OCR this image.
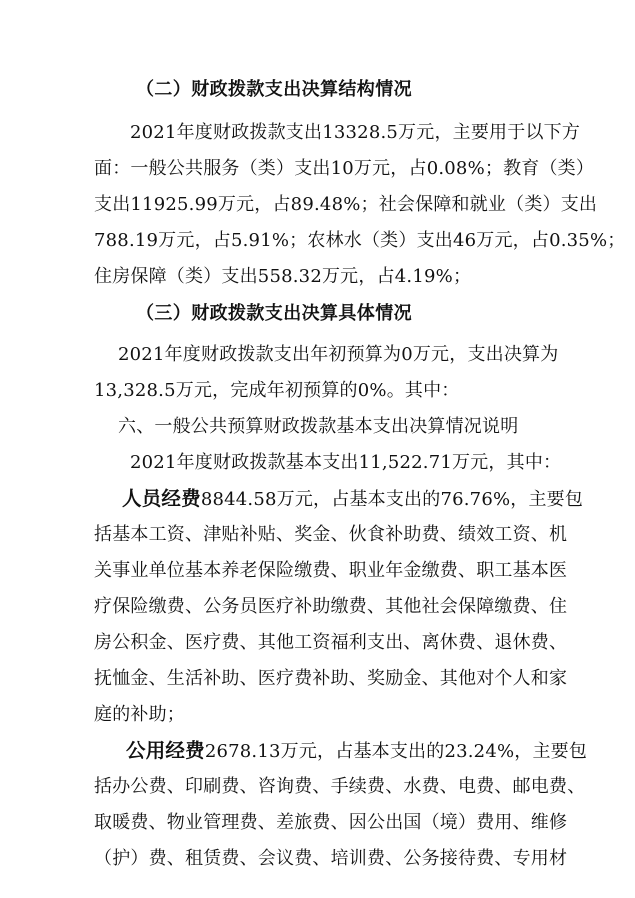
（二）财政拨款支出决算结构情况

2021年度财政拨款支出13328.5万元，主要用于以下方

面：一般公共服务（类）支出10万元，占0.08%；教育（类）

支出11925.99万元，占89.48%；社会保障和就业（类）支出

788.19万元，占5.91%；农林水（类）支出46万元，占0.35%；

住房保障（类）支出558.32万元，占4.19%；

（三）财政拨款支出决算具体情况

2021年度财政拨款支出年初预算为0万元，支出决算为

13,328.5万元，完成年初预算的0%。其中：

六、一般公共预算财政拨款基本支出决算情况说明

2021年度财政拨款基本支出11,522.71万元，其中：

人员经费8844.58万元，占基本支出的76.76%，主要包

括基本工资、津贴补贴、奖金、伙食补助费、绩效工资、机

关事业单位基本养老保险缴费、职业年金缴费、职工基本医

疗保险缴费、公务员医疗补助缴费、其他社会保障缴费、住

房公积金、医疗费、其他工资福利支出、离休费、退休费、

抚恤金、生活补助、医疗费补助、奖励金、其他对个人和家

庭的补助；

公用经费2678.13万元，占基本支出的23.24%，主要包

括办公费、印刷费、咨询费、手续费、水费、电费、邮电费、

取暖费、物业管理费、差旅费、因公出国（境）费用、维修

（护）费、租赁费、会议费、培训费、公务接待费、专用材
